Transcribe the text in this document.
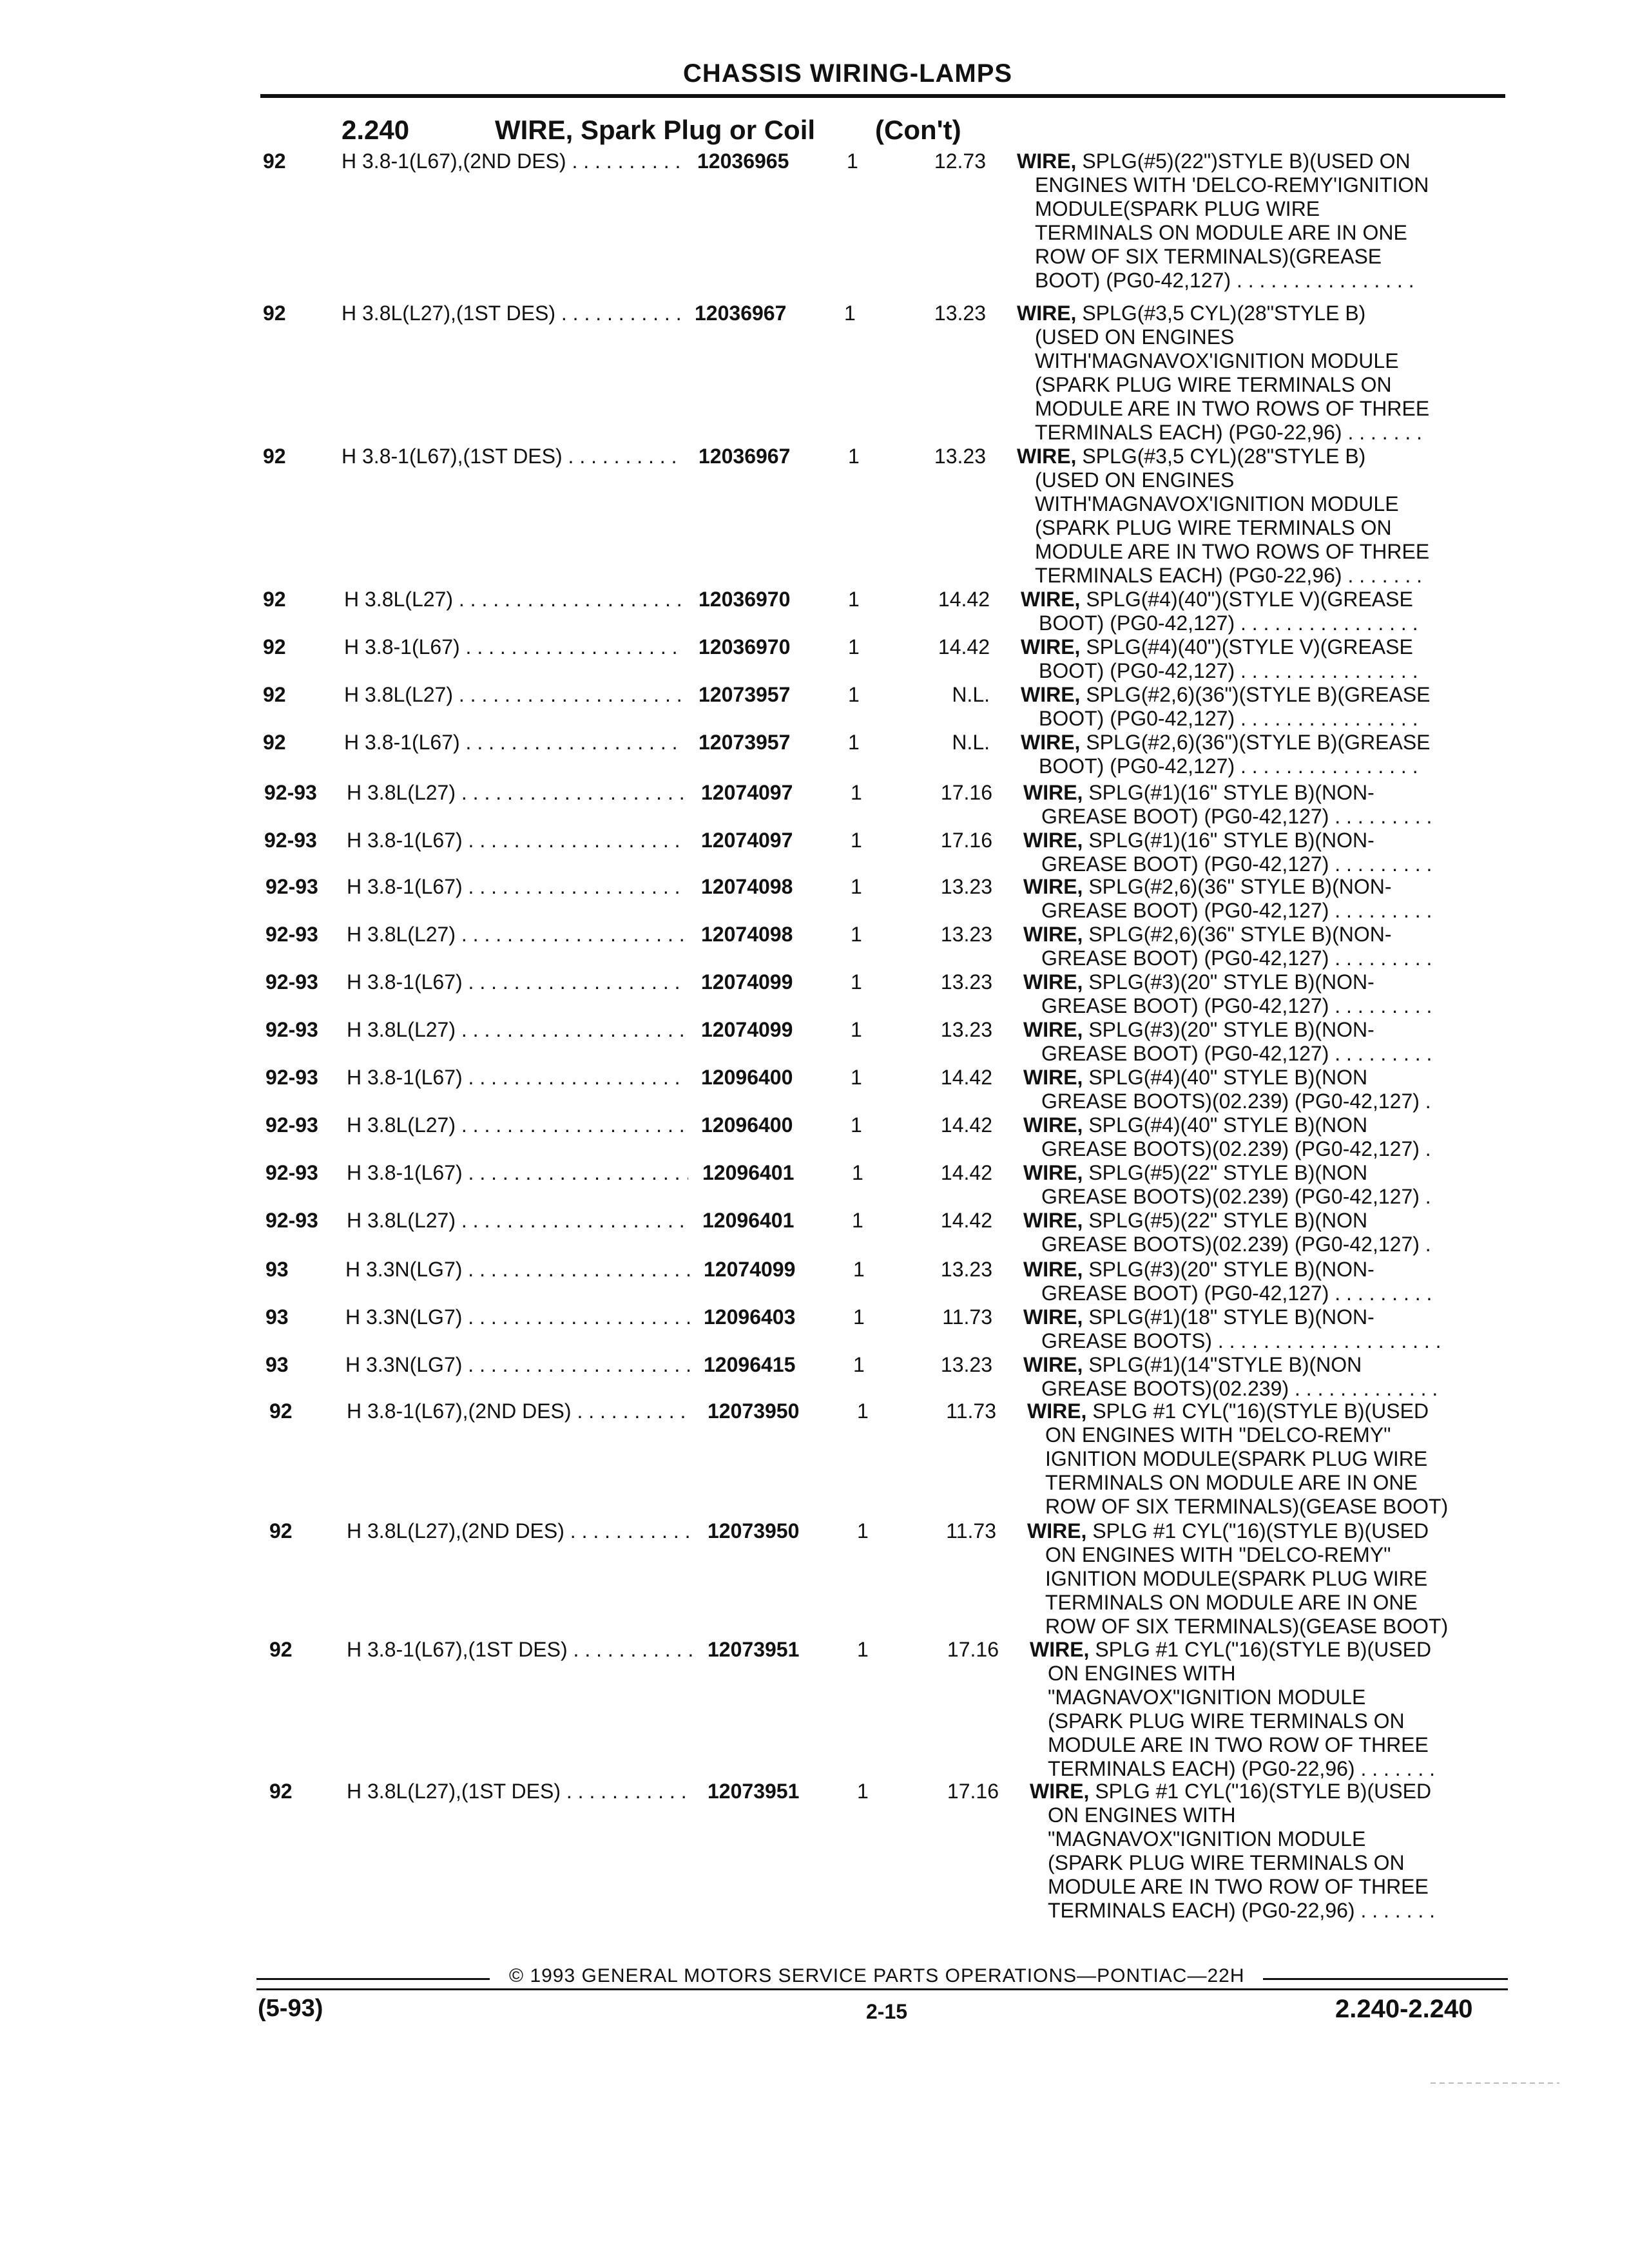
CHASSIS WIRING-LAMPS
2.240	WIRE, Spark Plug or Coil (Con't)
92	H 3.8-1(L67),(2ND DES) . . .	12036965	1	12.73 WIRE, SPLG(#5)(22")STYLE B)(USED ON
ENGINES WITH 'DELCO-REMY'IGNITION
MODULE(SPARK PLUG WIRE
TERMINALS ON MODULE ARE IN ONE
ROW OF SIX TERMINALS)(GREASE
BOOT) (PG0-42,127) . . . . . . . . . . . . . . . .
92	H 3.8L(L27),(1ST DES) . . .	12036967	1	13.23 WIRE, SPLG(#3,5 CYL)(28"STYLE B)
(USED ON ENGINES
WITH'MAGNAVOX'IGNITION MODULE
(SPARK PLUG WIRE TERMINALS ON
MODULE ARE IN TWO ROWS OF THREE
TERMINALS EACH) (PG0-22,96) . . . . . . .
92	H 3.8-1(L67),(1ST DES) . . .	12036967	1	13.23 WIRE, SPLG(#3,5 CYL)(28"STYLE B)
(USED ON ENGINES
WITH'MAGNAVOX'IGNITION MODULE
(SPARK PLUG WIRE TERMINALS ON
MODULE ARE IN TWO ROWS OF THREE
TERMINALS EACH) (PG0-22,96) . . . . . . .
92	H 3.8L(L27) . . .	12036970	1	14.42 WIRE, SPLG(#4)(40")(STYLE V)(GREASE
BOOT) (PG0-42,127) . . . . . . . . . . . . . . . .
92	H 3.8-1(L67) . . .	12036970	1	14.42 WIRE, SPLG(#4)(40")(STYLE V)(GREASE
BOOT) (PG0-42,127) . . . . . . . . . . . . . . . .
92	H 3.8L(L27) . . .	12073957	1	N.L. WIRE, SPLG(#2,6)(36")(STYLE B)(GREASE
BOOT) (PG0-42,127) . . . . . . . . . . . . . . . .
92	H 3.8-1(L67) . . .	12073957	1	N.L. WIRE, SPLG(#2,6)(36")(STYLE B)(GREASE
BOOT) (PG0-42,127) . . . . . . . . . . . . . . . .
92-93 H 3.8L(L27) . . .	12074097	1	17.16 WIRE, SPLG(#1)(16" STYLE B)(NON-
GREASE BOOT) (PG0-42,127) . . . . . . . . .
92-93 H 3.8-1(L67) . . .	12074097	1	17.16 WIRE, SPLG(#1)(16" STYLE B)(NON-
GREASE BOOT) (PG0-42,127) . . . . . . . . .
92-93 H 3.8-1(L67) . . .	12074098	1	13.23 WIRE, SPLG(#2,6)(36" STYLE B)(NON-
GREASE BOOT) (PG0-42,127) . . . . . . . . .
92-93 H 3.8L(L27) . . .	12074098	1	13.23 WIRE, SPLG(#2,6)(36" STYLE B)(NON-
GREASE BOOT) (PG0-42,127) . . . . . . . . .
92-93 H 3.8-1(L67) . . .	12074099	1	13.23 WIRE, SPLG(#3)(20" STYLE B)(NON-
GREASE BOOT) (PG0-42,127) . . . . . . . . .
92-93 H 3.8L(L27) . . .	12074099	1	13.23 WIRE, SPLG(#3)(20" STYLE B)(NON-
GREASE BOOT) (PG0-42,127) . . . . . . . . .
92-93 H 3.8-1(L67) . . .	12096400	1	14.42 WIRE, SPLG(#4)(40" STYLE B)(NON
GREASE BOOTS)(02.239) (PG0-42,127) .
92-93 H 3.8L(L27) . . .	12096400	1	14.42 WIRE, SPLG(#4)(40" STYLE B)(NON
GREASE BOOTS)(02.239) (PG0-42,127) .
92-93 H 3.8-1(L67) . . .	12096401	1	14.42 WIRE, SPLG(#5)(22" STYLE B)(NON
GREASE BOOTS)(02.239) (PG0-42,127) .
92-93 H 3.8L(L27) . . .	12096401	1	14.42 WIRE, SPLG(#5)(22" STYLE B)(NON
GREASE BOOTS)(02.239) (PG0-42,127) .
93	H 3.3N(LG7) . . .	12074099	1	13.23 WIRE, SPLG(#3)(20" STYLE B)(NON-
GREASE BOOT) (PG0-42,127) . . . . . . . . .
93	H 3.3N(LG7) . . .	12096403	1	11.73 WIRE, SPLG(#1)(18" STYLE B)(NON-
GREASE BOOTS) . . . . . . . . . . . . . . . . . . . .
93	H 3.3N(LG7) . . .	12096415	1	13.23 WIRE, SPLG(#1)(14"STYLE B)(NON
GREASE BOOTS)(02.239) . . . . . . . . . . . . .
92	H 3.8-1(L67),(2ND DES) . . .	12073950	1	11.73 WIRE, SPLG #1 CYL("16)(STYLE B)(USED
ON ENGINES WITH "DELCO-REMY"
IGNITION MODULE(SPARK PLUG WIRE
TERMINALS ON MODULE ARE IN ONE
ROW OF SIX TERMINALS)(GEASE BOOT)
92	H 3.8L(L27),(2ND DES) . . .	12073950	1	11.73 WIRE, SPLG #1 CYL("16)(STYLE B)(USED
ON ENGINES WITH "DELCO-REMY"
IGNITION MODULE(SPARK PLUG WIRE
TERMINALS ON MODULE ARE IN ONE
ROW OF SIX TERMINALS)(GEASE BOOT)
92	H 3.8-1(L67),(1ST DES) . . .	12073951	1	17.16 WIRE, SPLG #1 CYL("16)(STYLE B)(USED
ON ENGINES WITH
"MAGNAVOX"IGNITION MODULE
(SPARK PLUG WIRE TERMINALS ON
MODULE ARE IN TWO ROW OF THREE
TERMINALS EACH) (PG0-22,96) . . . . . . .
92	H 3.8L(L27),(1ST DES) . . .	12073951	1	17.16 WIRE, SPLG #1 CYL("16)(STYLE B)(USED
ON ENGINES WITH
"MAGNAVOX"IGNITION MODULE
(SPARK PLUG WIRE TERMINALS ON
MODULE ARE IN TWO ROW OF THREE
TERMINALS EACH) (PG0-22,96) . . . . . . .
© 1993 GENERAL MOTORS SERVICE PARTS OPERATIONS—PONTIAC—22H
(5-93)	2-15	2.240-2.240
